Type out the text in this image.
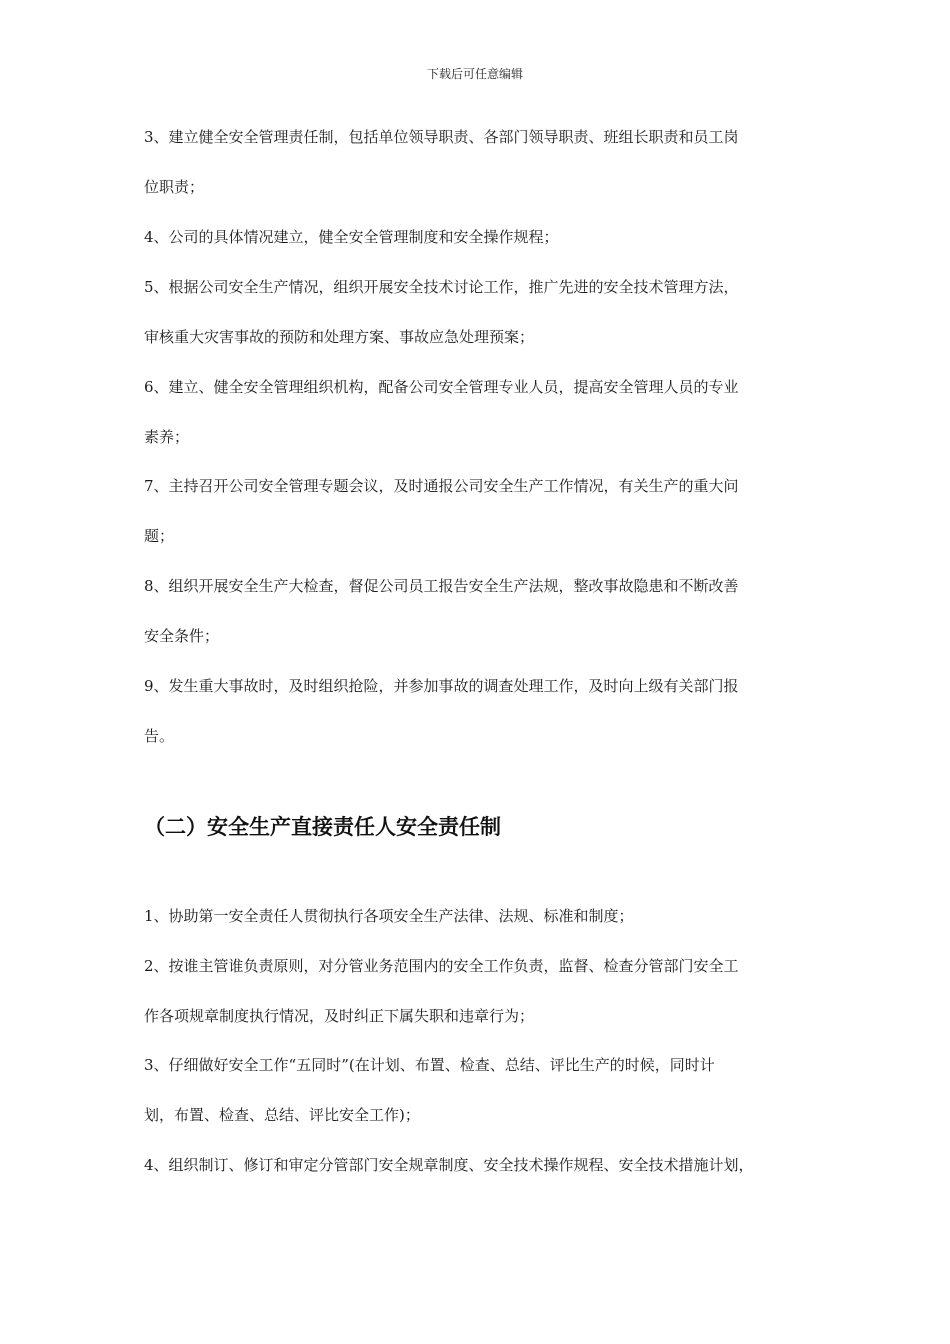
下载后可任意编辑
3、建立健全安全管理责任制，包括单位领导职责、各部门领导职责、班组长职责和员工岗
位职责；
4、公司的具体情况建立，健全安全管理制度和安全操作规程；
5、根据公司安全生产情况，组织开展安全技术讨论工作，推广先进的安全技术管理方法，
审核重大灾害事故的预防和处理方案、事故应急处理预案；
6、建立、健全安全管理组织机构，配备公司安全管理专业人员，提高安全管理人员的专业
素养；
7、主持召开公司安全管理专题会议，及时通报公司安全生产工作情况，有关生产的重大问
题；
8、组织开展安全生产大检查，督促公司员工报告安全生产法规，整改事故隐患和不断改善
安全条件；
9、发生重大事故时，及时组织抢险，并参加事故的调查处理工作，及时向上级有关部门报
告。
（二）安全生产直接责任人安全责任制
1、协助第一安全责任人贯彻执行各项安全生产法律、法规、标准和制度；
2、按谁主管谁负责原则，对分管业务范围内的安全工作负责，监督、检查分管部门安全工
作各项规章制度执行情况，及时纠正下属失职和违章行为；
3、仔细做好安全工作“五同时”(在计划、布置、检查、总结、评比生产的时候，同时计
划，布置、检查、总结、评比安全工作)；
4、组织制订、修订和审定分管部门安全规章制度、安全技术操作规程、安全技术措施计划，
